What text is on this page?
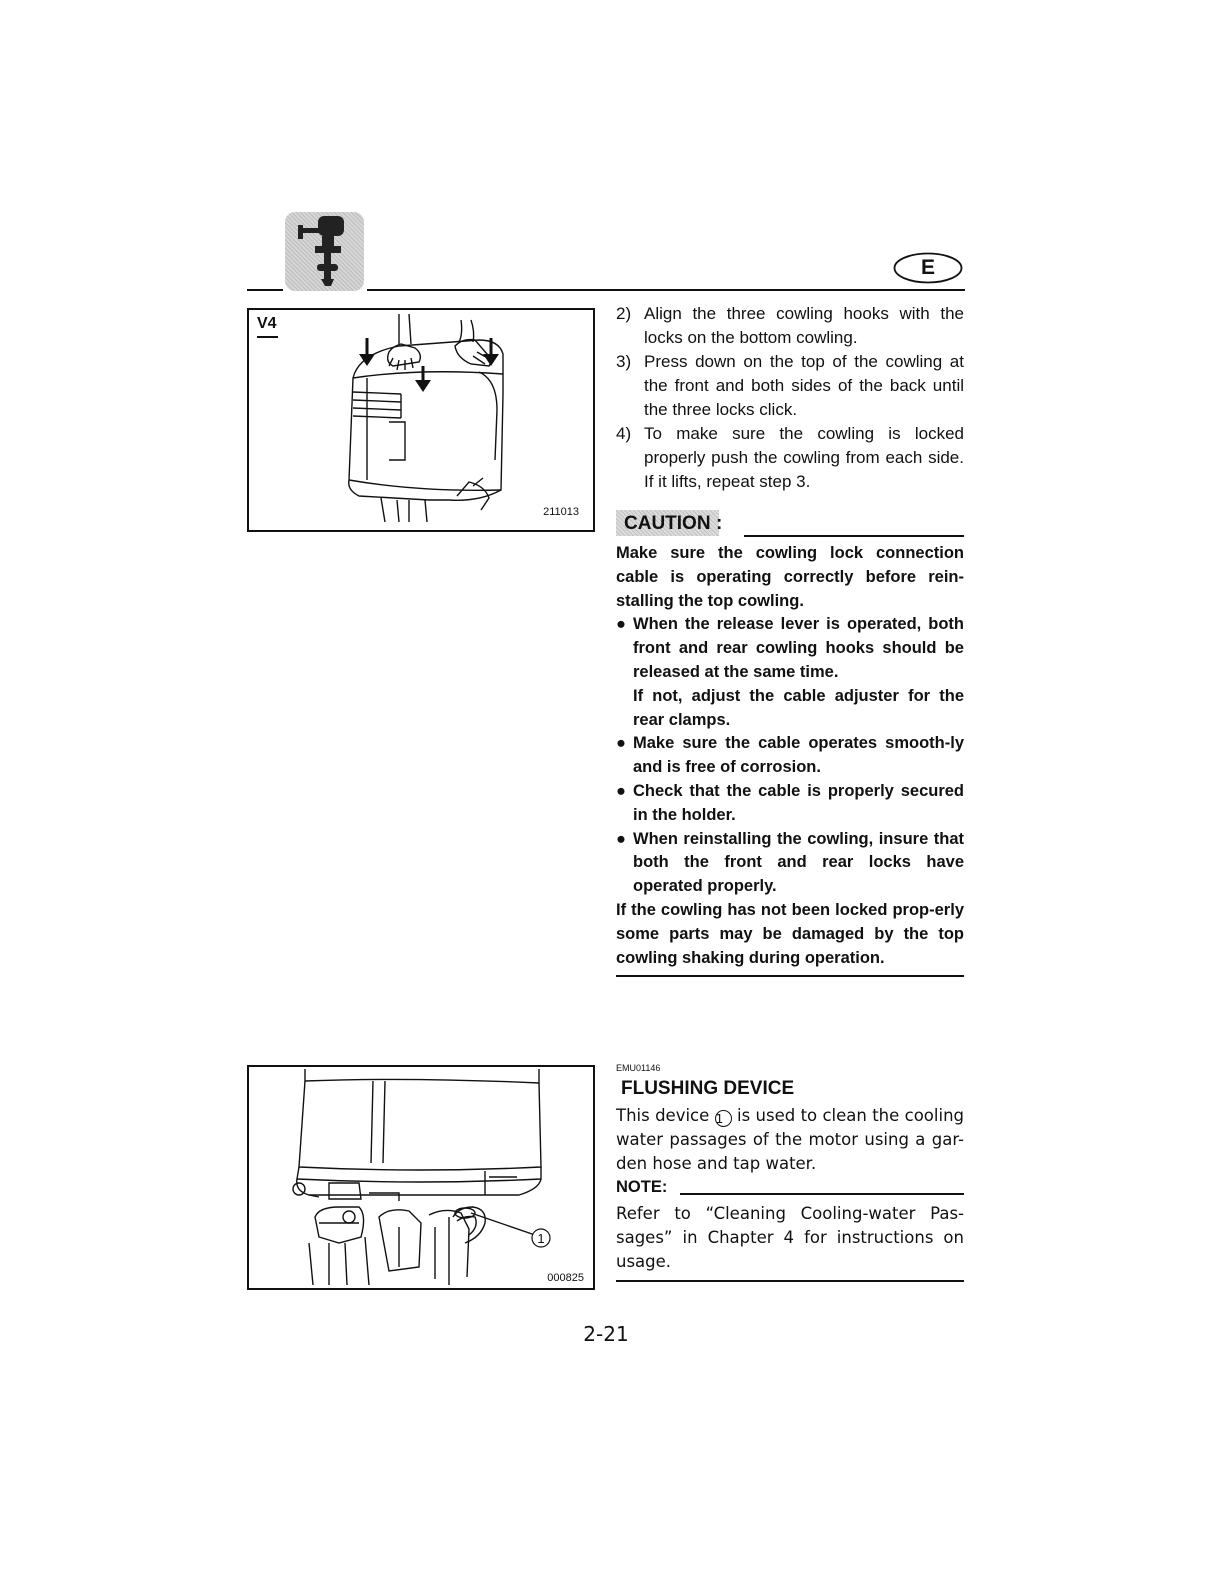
E
V4
211013
1
000825
2) Align the three cowling hooks with the locks on the bottom cowling.
3) Press down on the top of the cowling at the front and both sides of the back until the three locks click.
4) To make sure the cowling is locked properly push the cowling from each side. If it lifts, repeat step 3.
CAUTION :

Make sure the cowling lock connection cable is operating correctly before rein-stalling the top cowling.

● When the release lever is operated, both front and rear cowling hooks should be released at the same time.
If not, adjust the cable adjuster for the rear clamps.
● Make sure the cable operates smooth-ly and is free of corrosion.
● Check that the cable is properly secured in the holder.
● When reinstalling the cowling, insure that both the front and rear locks have operated properly.

If the cowling has not been locked prop-erly some parts may be damaged by the top cowling shaking during operation.

EMU01146
FLUSHING DEVICE
This device 1 is used to clean the cooling water passages of the motor using a gar-den hose and tap water.
NOTE:
Refer to “Cleaning Cooling-water Pas-sages” in Chapter 4 for instructions on usage.
2-21
